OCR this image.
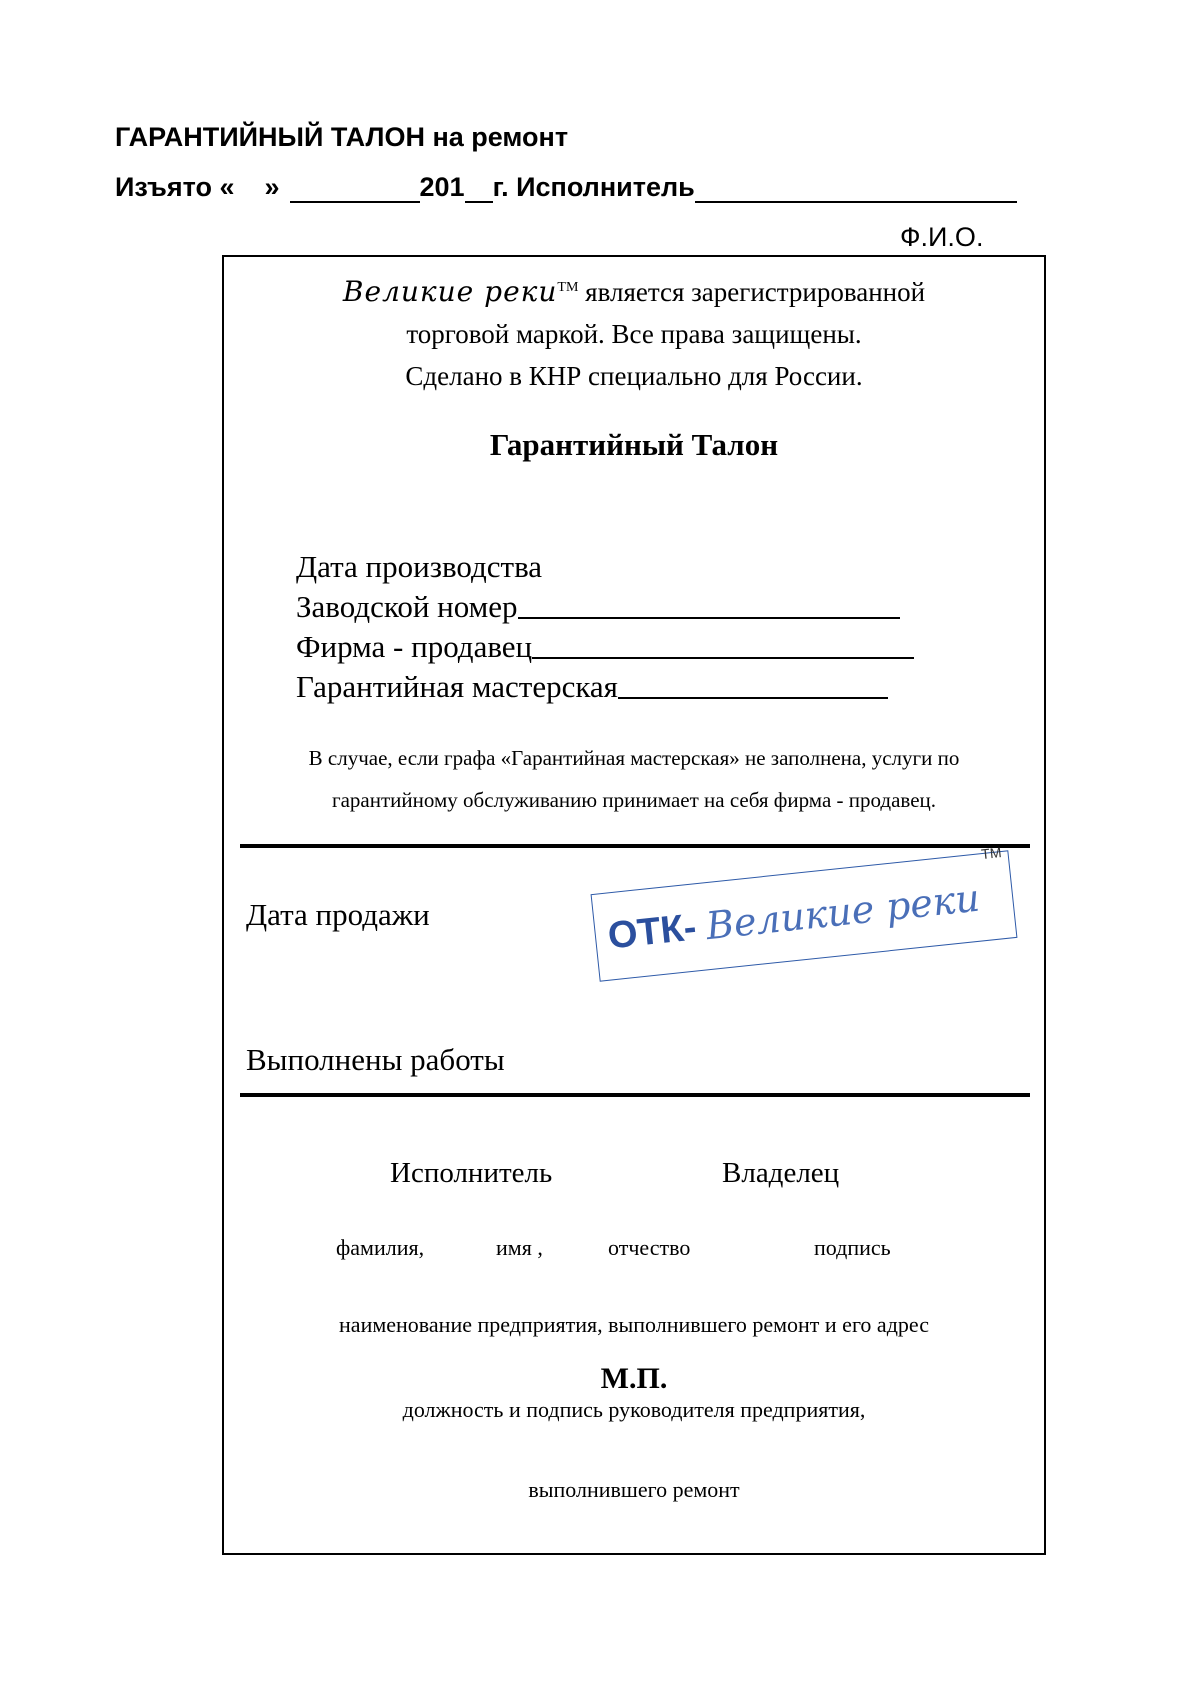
ГАРАНТИЙНЫЙ ТАЛОН на ремонт
Изъято « »	201 г. Исполнитель
Ф.И.О.
Великие реки™ является зарегистрированной
торговой маркой. Все права защищены.
Сделано в КНР специально для России.
Гарантийный Талон
Дата производства
Заводской номер
Фирма - продавец
Гарантийная мастерская
В случае, если графа «Гарантийная мастерская» не заполнена, услуги по
гарантийному обслуживанию принимает на себя фирма - продавец.
Дата продажи	ОТК- Великие реки
TM
Выполнены работы
Исполнитель	Владелец
фамилия,	имя ,	отчество	подпись
наименование предприятия, выполнившего ремонт и его адрес
М.П.
должность и подпись руководителя предприятия,
выполнившего ремонт
